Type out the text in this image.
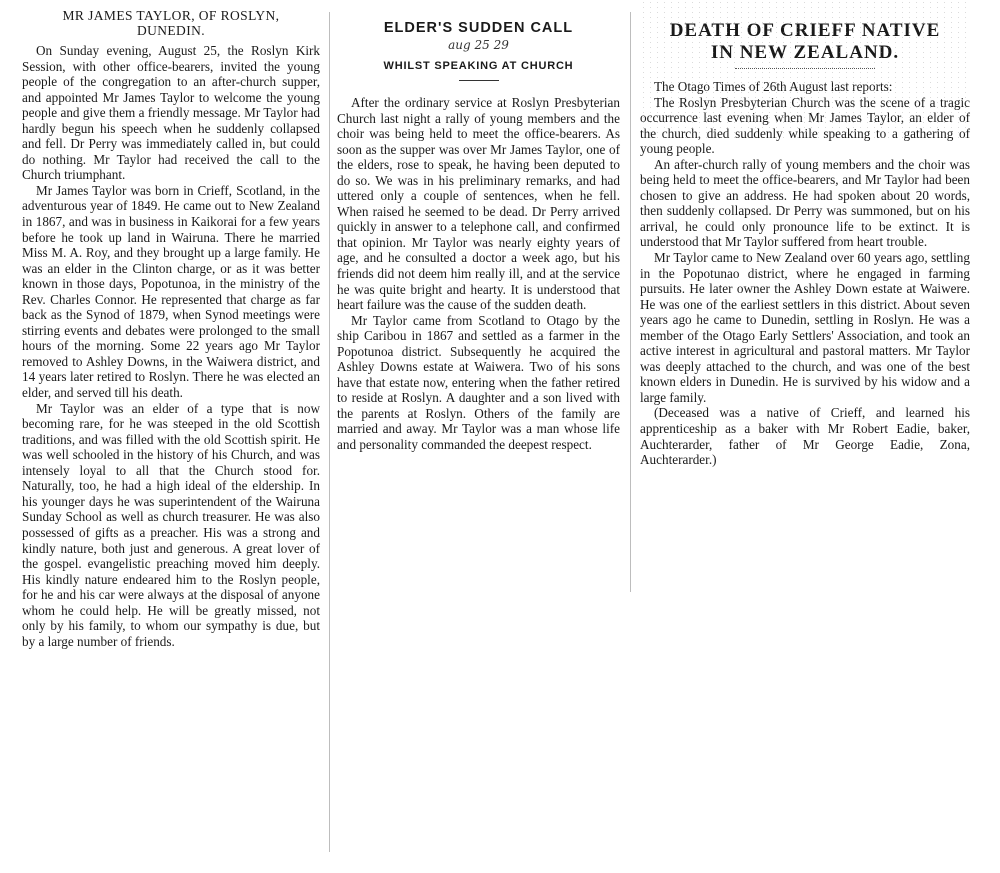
MR JAMES TAYLOR, OF ROSLYN,
DUNEDIN.

On Sunday evening, August 25, the Roslyn Kirk Session, with other office-bearers, invited the young people of the congregation to an after-church supper, and appointed Mr James Taylor to welcome the young people and give them a friendly message. Mr Taylor had hardly begun his speech when he suddenly collapsed and fell. Dr Perry was immediately called in, but could do nothing. Mr Taylor had received the call to the Church triumphant.

Mr James Taylor was born in Crieff, Scotland, in the adventurous year of 1849. He came out to New Zealand in 1867, and was in business in Kaikorai for a few years before he took up land in Wairuna. There he married Miss M. A. Roy, and they brought up a large family. He was an elder in the Clinton charge, or as it was better known in those days, Popotunoa, in the ministry of the Rev. Charles Connor. He represented that charge as far back as the Synod of 1879, when Synod meetings were stirring events and debates were prolonged to the small hours of the morning. Some 22 years ago Mr Taylor removed to Ashley Downs, in the Waiwera district, and 14 years later retired to Roslyn. There he was elected an elder, and served till his death.

Mr Taylor was an elder of a type that is now becoming rare, for he was steeped in the old Scottish traditions, and was filled with the old Scottish spirit. He was well schooled in the history of his Church, and was intensely loyal to all that the Church stood for. Naturally, too, he had a high ideal of the eldership. In his younger days he was superintendent of the Wairuna Sunday School as well as church treasurer. He was also possessed of gifts as a preacher. His was a strong and kindly nature, both just and generous. A great lover of the gospel. evangelistic preaching moved him deeply. His kindly nature endeared him to the Roslyn people, for he and his car were always at the disposal of anyone whom he could help. He will be greatly missed, not only by his family, to whom our sympathy is due, but by a large number of friends.

ELDER'S SUDDEN CALL
aug 25 29
WHILST SPEAKING AT CHURCH

After the ordinary service at Roslyn Presbyterian Church last night a rally of young members and the choir was being held to meet the office-bearers. As soon as the supper was over Mr James Taylor, one of the elders, rose to speak, he having been deputed to do so. We was in his preliminary remarks, and had uttered only a couple of sentences, when he fell. When raised he seemed to be dead. Dr Perry arrived quickly in answer to a telephone call, and confirmed that opinion. Mr Taylor was nearly eighty years of age, and he consulted a doctor a week ago, but his friends did not deem him really ill, and at the service he was quite bright and hearty. It is understood that heart failure was the cause of the sudden death.

Mr Taylor came from Scotland to Otago by the ship Caribou in 1867 and settled as a farmer in the Popotunoa district. Subsequently he acquired the Ashley Downs estate at Waiwera. Two of his sons have that estate now, entering when the father retired to reside at Roslyn. A daughter and a son lived with the parents at Roslyn. Others of the family are married and away. Mr Taylor was a man whose life and personality commanded the deepest respect.

DEATH OF CRIEFF NATIVE
IN NEW ZEALAND.

The Otago Times of 26th August last reports:

The Roslyn Presbyterian Church was the scene of a tragic occurrence last evening when Mr James Taylor, an elder of the church, died suddenly while speaking to a gathering of young people.

An after-church rally of young members and the choir was being held to meet the office-bearers, and Mr Taylor had been chosen to give an address. He had spoken about 20 words, then suddenly collapsed. Dr Perry was summoned, but on his arrival, he could only pronounce life to be extinct. It is understood that Mr Taylor suffered from heart trouble.

Mr Taylor came to New Zealand over 60 years ago, settling in the Popotunao district, where he engaged in farming pursuits. He later owner the Ashley Down estate at Waiwere. He was one of the earliest settlers in this district. About seven years ago he came to Dunedin, settling in Roslyn. He was a member of the Otago Early Settlers' Association, and took an active interest in agricultural and pastoral matters. Mr Taylor was deeply attached to the church, and was one of the best known elders in Dunedin. He is survived by his widow and a large family.

(Deceased was a native of Crieff, and learned his apprenticeship as a baker with Mr Robert Eadie, baker, Auchterarder, father of Mr George Eadie, Zona, Auchterarder.)
